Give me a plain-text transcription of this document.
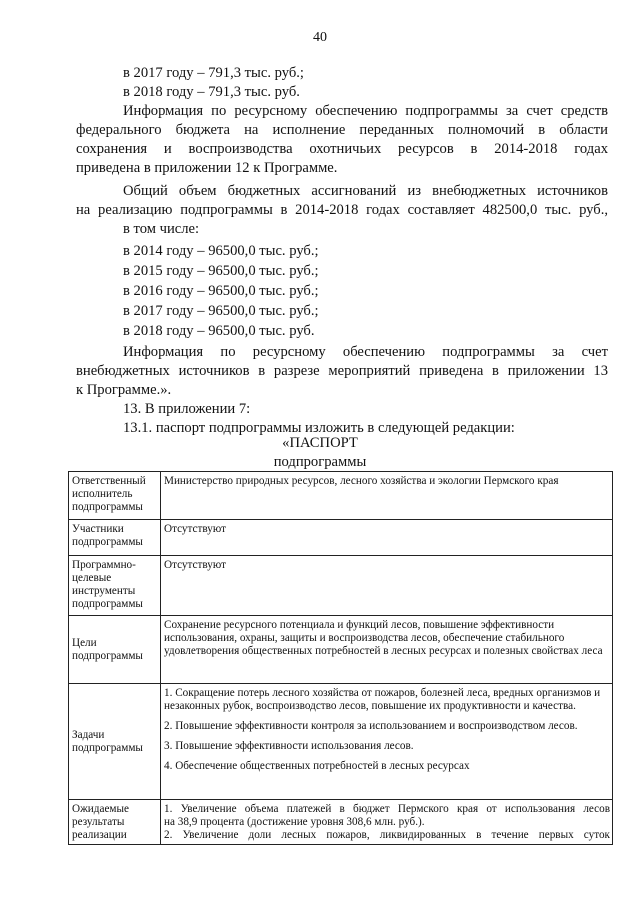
40
в 2017 году – 791,3 тыс. руб.;
в 2018 году – 791,3 тыс. руб.
Информация по ресурсному обеспечению подпрограммы за счет средств
федерального бюджета на исполнение переданных полномочий в области
сохранения и воспроизводства охотничьих ресурсов в 2014-2018 годах
приведена в приложении 12 к Программе.
Общий объем бюджетных ассигнований из внебюджетных источников
на реализацию подпрограммы в 2014-2018 годах составляет 482500,0 тыс. руб.,
в том числе:
в 2014 году – 96500,0 тыс. руб.;
в 2015 году – 96500,0 тыс. руб.;
в 2016 году – 96500,0 тыс. руб.;
в 2017 году – 96500,0 тыс. руб.;
в 2018 году – 96500,0 тыс. руб.
Информация по ресурсному обеспечению подпрограммы за счет
внебюджетных источников в разрезе мероприятий приведена в приложении 13
к Программе.».
13. В приложении 7:
13.1. паспорт подпрограммы изложить в следующей редакции:
«ПАСПОРТ
подпрограммы
Ответственный исполнитель подпрограммы	Министерство природных ресурсов, лесного хозяйства и экологии Пермского края
Участники подпрограммы	Отсутствуют
Программно-целевые инструменты подпрограммы	Отсутствуют
Цели подпрограммы	Сохранение ресурсного потенциала и функций лесов, повышение эффективности использования, охраны, защиты и воспроизводства лесов, обеспечение стабильного удовлетворения общественных потребностей в лесных ресурсах и полезных свойствах леса
Задачи подпрограммы	1. Сокращение потерь лесного хозяйства от пожаров, болезней леса, вредных организмов и незаконных рубок, воспроизводство лесов, повышение их продуктивности и качества.
2. Повышение эффективности контроля за использованием и воспроизводством лесов.
3. Повышение эффективности использования лесов.
4. Обеспечение общественных потребностей в лесных ресурсах

Ожидаемые результаты реализации	1. Увеличение объема платежей в бюджет Пермского края от использования лесов
на 38,9 процента (достижение уровня 308,6 млн. руб.).
2. Увеличение доли лесных пожаров, ликвидированных в течение первых суток
